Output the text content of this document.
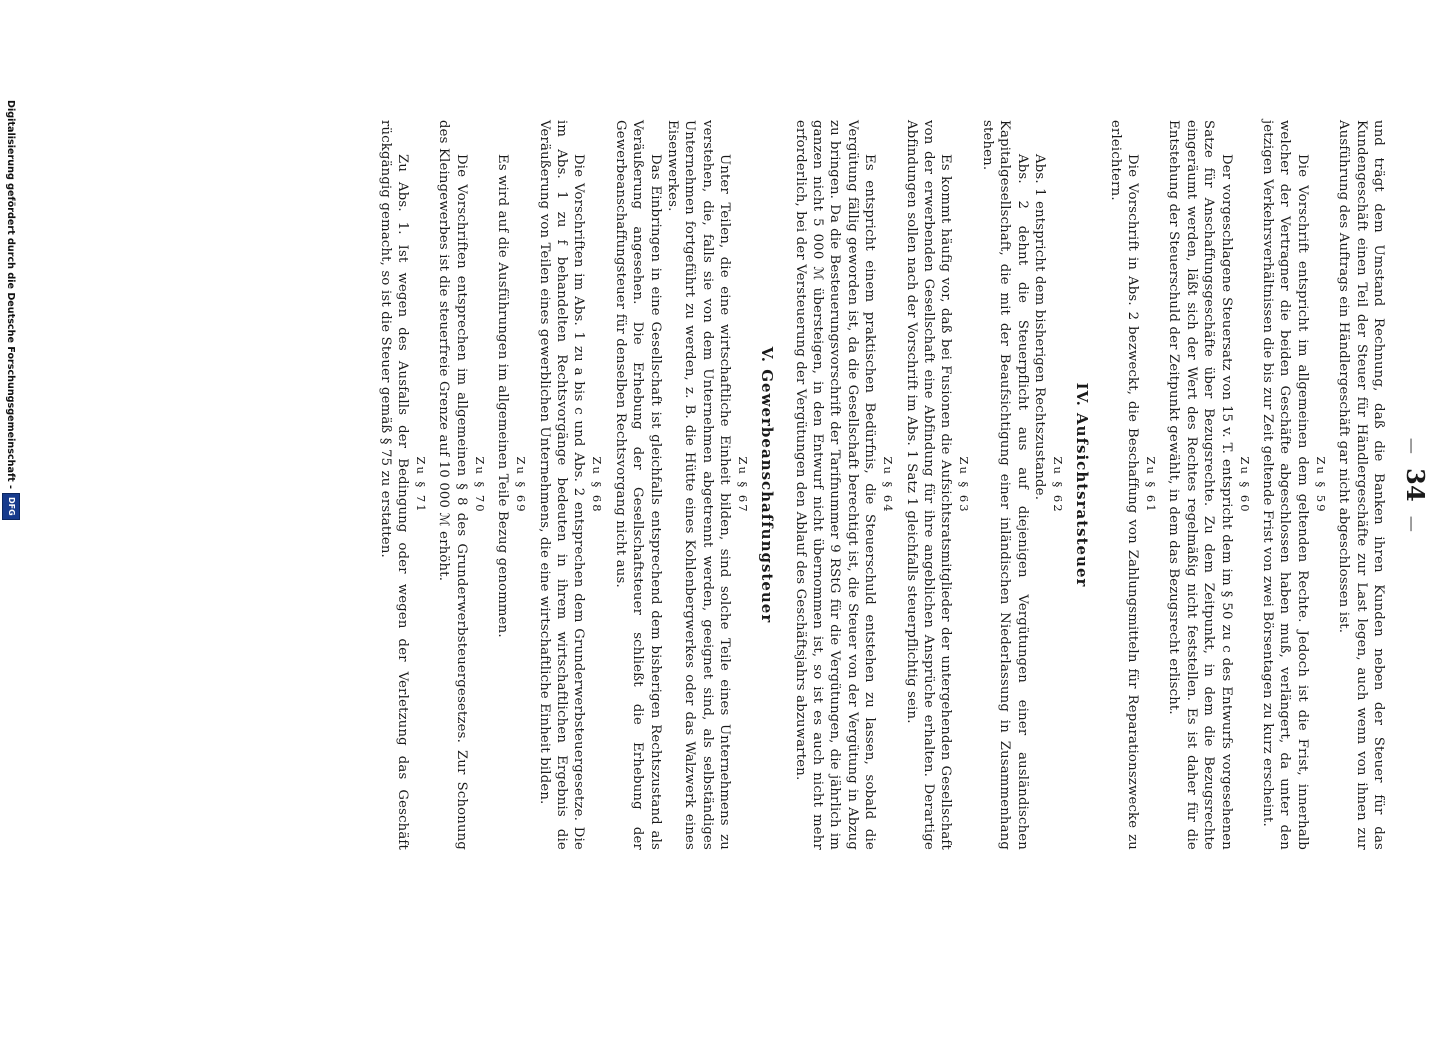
—34—

und trägt dem Umstand Rechnung, daß die Banken ihren Kunden neben der Steuer für das Kundengeschäft einen Teil der Steuer für Händlergeschäfte zur Last legen, auch wenn von ihnen zur Ausführung des Auftrags ein Händlergeschäft gar nicht abgeschlossen ist.

Zu § 59

Die Vorschrift entspricht im allgemeinen dem geltenden Rechte. Jedoch ist die Frist, innerhalb welcher der Vertragner die beiden Geschäfte abgeschlossen haben muß, verlängert, da unter den jetzigen Verkehrsverhältnissen die bis zur Zeit geltende Frist von zwei Börsentagen zu kurz erscheint.

Zu § 60

Der vorgeschlagene Steuersatz von 15 v. T. entspricht dem im § 50 zu c des Entwurfs vorgesehenen Satze für Anschaffungsgeschäfte über Bezugsrechte. Zu dem Zeitpunkt, in dem die Bezugsrechte eingeräumt werden, läßt sich der Wert des Rechtes regelmäßig nicht feststellen. Es ist daher für die Entstehung der Steuerschuld der Zeitpunkt gewählt, in dem das Bezugsrecht erlischt.

Zu § 61

Die Vorschrift in Abs. 2 bezweckt, die Beschaffung von Zahlungsmitteln für Reparationszwecke zu erleichtern.

IV. Aufsichtsratsteuer
Zu § 62

Abs. 1 entspricht dem bisherigen Rechtszustande.

Abs. 2 dehnt die Steuerpflicht aus auf diejenigen Vergütungen einer ausländischen Kapitalgesellschaft, die mit der Beaufsichtigung einer inländischen Niederlassung in Zusammenhang stehen.

Zu § 63

Es kommt häufig vor, daß bei Fusionen die Aufsichtsratsmitglieder der untergehenden Gesellschaft von der erwerbenden Gesellschaft eine Abfindung für ihre angeblichen Ansprüche erhalten. Derartige Abfindungen sollen nach der Vorschrift im Abs. 1 Satz 1 gleichfalls steuerpflichtig sein.

Zu § 64

Es entspricht einem praktischen Bedürfnis, die Steuerschuld entstehen zu lassen, sobald die Vergütung fällig geworden ist, da die Gesellschaft berechtigt ist, die Steuer von der Vergütung in Abzug zu bringen. Da die Besteuerungsvorschrift der Tarifnummer 9 RStG für die Vergütungen, die jährlich im ganzen nicht 5 000 ℳ übersteigen, in den Entwurf nicht übernommen ist, so ist es auch nicht mehr erforderlich, bei der Versteuerung der Vergütungen den Ablauf des Geschäftsjahrs abzuwarten.

V. Gewerbeanschaffungsteuer
Zu § 67

Unter Teilen, die eine wirtschaftliche Einheit bilden, sind solche Teile eines Unternehmens zu verstehen, die, falls sie von dem Unternehmen abgetrennt werden, geeignet sind, als selbständiges Unternehmen fortgeführt zu werden, z. B. die Hütte eines Kohlenbergwerkes oder das Walzwerk eines Eisenwerkes.

Das Einbringen in eine Gesellschaft ist gleichfalls entsprechend dem bisherigen Rechtszustand als Veräußerung angesehen. Die Erhebung der Gesellschaftsteuer schließt die Erhebung der Gewerbeanschaffungsteuer für denselben Rechtsvorgang nicht aus.

Zu § 68

Die Vorschriften im Abs. 1 zu a bis c und Abs. 2 entsprechen dem Grunderwerbsteuergesetze. Die im Abs. 1 zu f behandelten Rechtsvorgänge bedeuten in ihrem wirtschaftlichen Ergebnis die Veräußerung von Teilen eines gewerblichen Unternehmens, die eine wirtschaftliche Einheit bilden.

Zu § 69

Es wird auf die Ausführungen im allgemeinen Teile Bezug genommen.

Zu § 70

Die Vorschriften entsprechen im allgemeinen § 8 des Grunderwerbsteuergesetzes. Zur Schonung des Kleingewerbes ist die steuerfreie Grenze auf 10 000 ℳ erhöht.

Zu § 71

Zu Abs. 1. Ist wegen des Ausfalls der Bedingung oder wegen der Verletzung das Geschäft rückgängig gemacht, so ist die Steuer gemäß § 75 zu erstatten.

Digitalisierung gefördert durch die Deutsche Forschungsgemeinschaft -DFG
